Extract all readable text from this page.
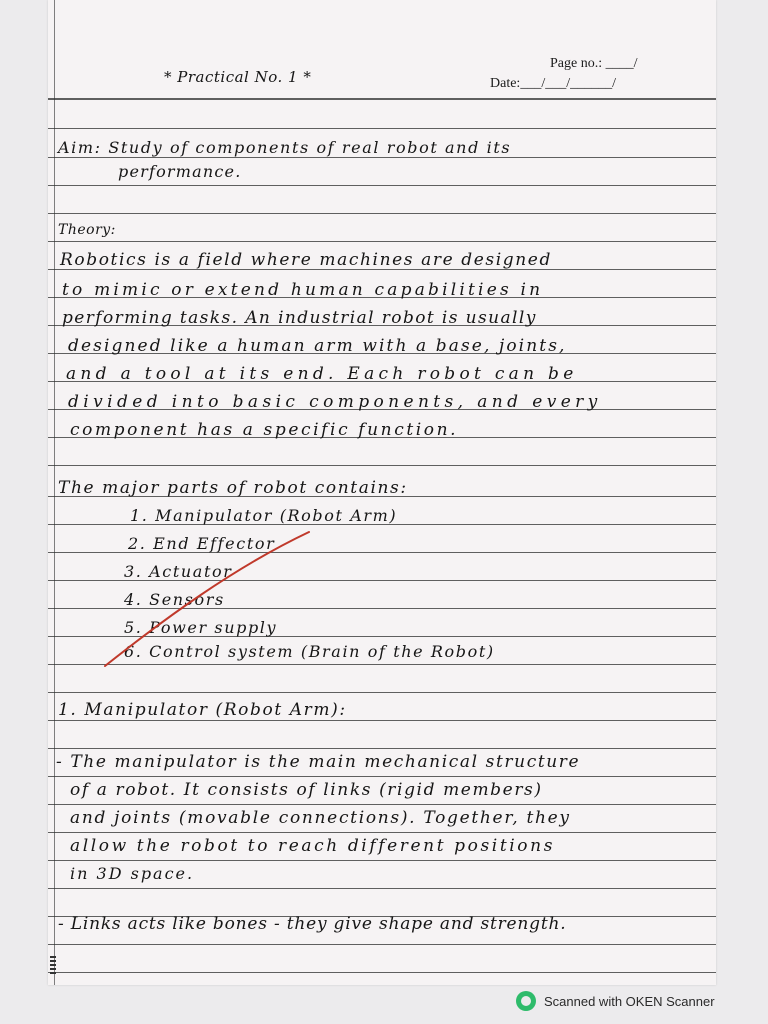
Page no.: ____/
* Practical No. 1 *	Date:___/___/______/
Aim: Study of components of real robot and its
performance.
Theory:
Robotics is a field where machines are designed
to mimic or extend human capabilities in
performing tasks. An industrial robot is usually
designed like a human arm with a base, joints,
and a tool at its end. Each robot can be
divided into basic components, and every
component has a specific function.
The major parts of robot contains:
1. Manipulator (Robot Arm)
2. End Effector
3. Actuator
4. Sensors
5. Power supply
6. Control system (Brain of the Robot)
1. Manipulator (Robot Arm):
- The manipulator is the main mechanical structure
of a robot. It consists of links (rigid members)
and joints (movable connections). Together, they
allow the robot to reach different positions
in 3D space.
- Links acts like bones - they give shape and strength.
Scanned with OKEN Scanner
